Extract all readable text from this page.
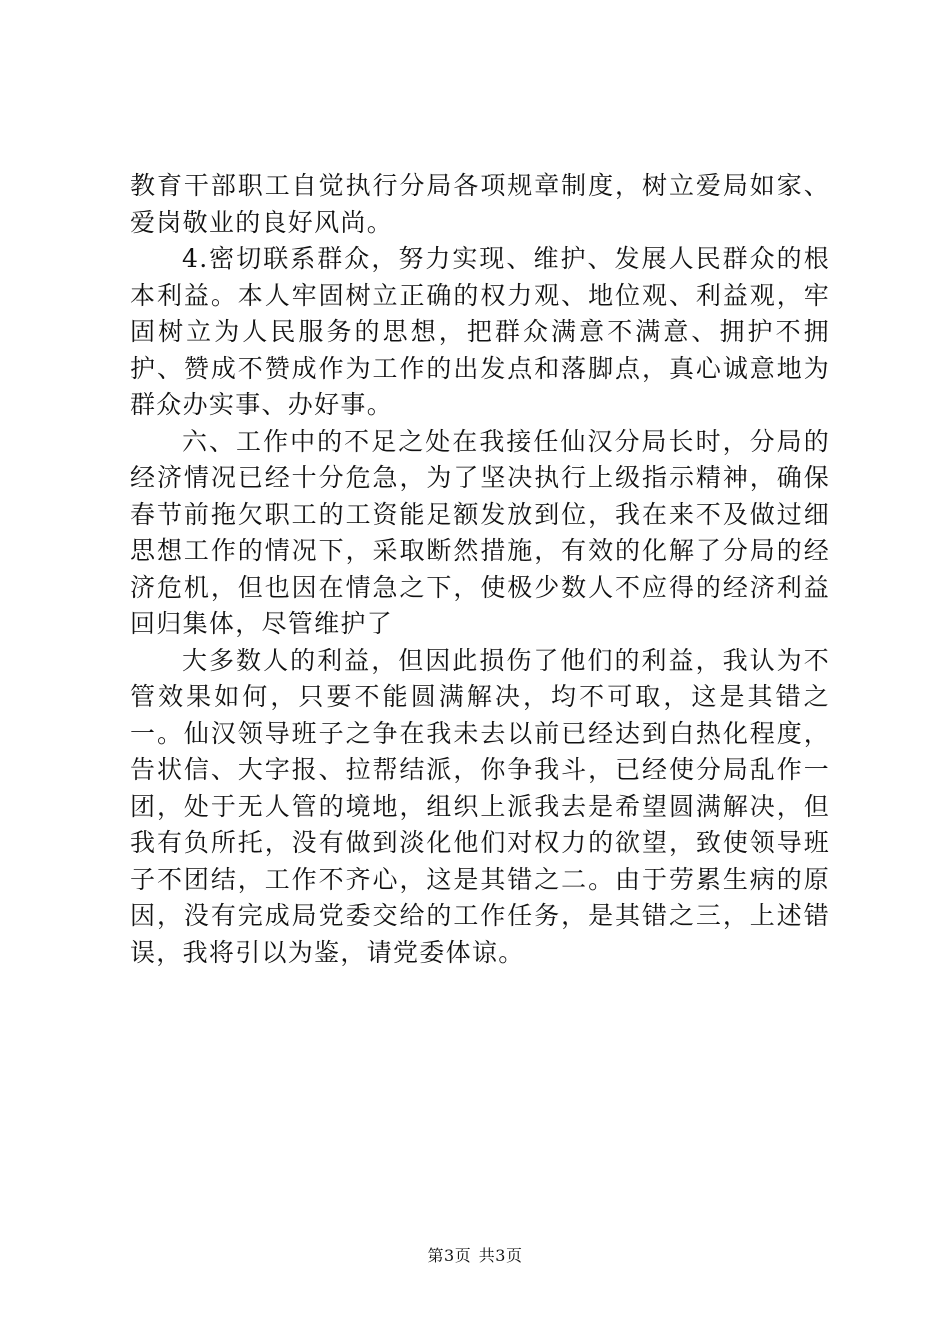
教育干部职工自觉执行分局各项规章制度，树立爱局如家、爱岗敬业的良好风尚。

4.密切联系群众，努力实现、维护、发展人民群众的根本利益。本人牢固树立正确的权力观、地位观、利益观，牢固树立为人民服务的思想，把群众满意不满意、拥护不拥护、赞成不赞成作为工作的出发点和落脚点，真心诚意地为群众办实事、办好事。

六、工作中的不足之处在我接任仙汉分局长时，分局的经济情况已经十分危急，为了坚决执行上级指示精神，确保春节前拖欠职工的工资能足额发放到位，我在来不及做过细思想工作的情况下，采取断然措施，有效的化解了分局的经济危机，但也因在情急之下，使极少数人不应得的经济利益回归集体，尽管维护了

大多数人的利益，但因此损伤了他们的利益，我认为不管效果如何，只要不能圆满解决，均不可取，这是其错之一。仙汉领导班子之争在我未去以前已经达到白热化程度，告状信、大字报、拉帮结派，你争我斗，已经使分局乱作一团，处于无人管的境地，组织上派我去是希望圆满解决，但我有负所托，没有做到淡化他们对权力的欲望，致使领导班子不团结，工作不齐心，这是其错之二。由于劳累生病的原因，没有完成局党委交给的工作任务，是其错之三，上述错误，我将引以为鉴，请党委体谅。

第3页 共3页
